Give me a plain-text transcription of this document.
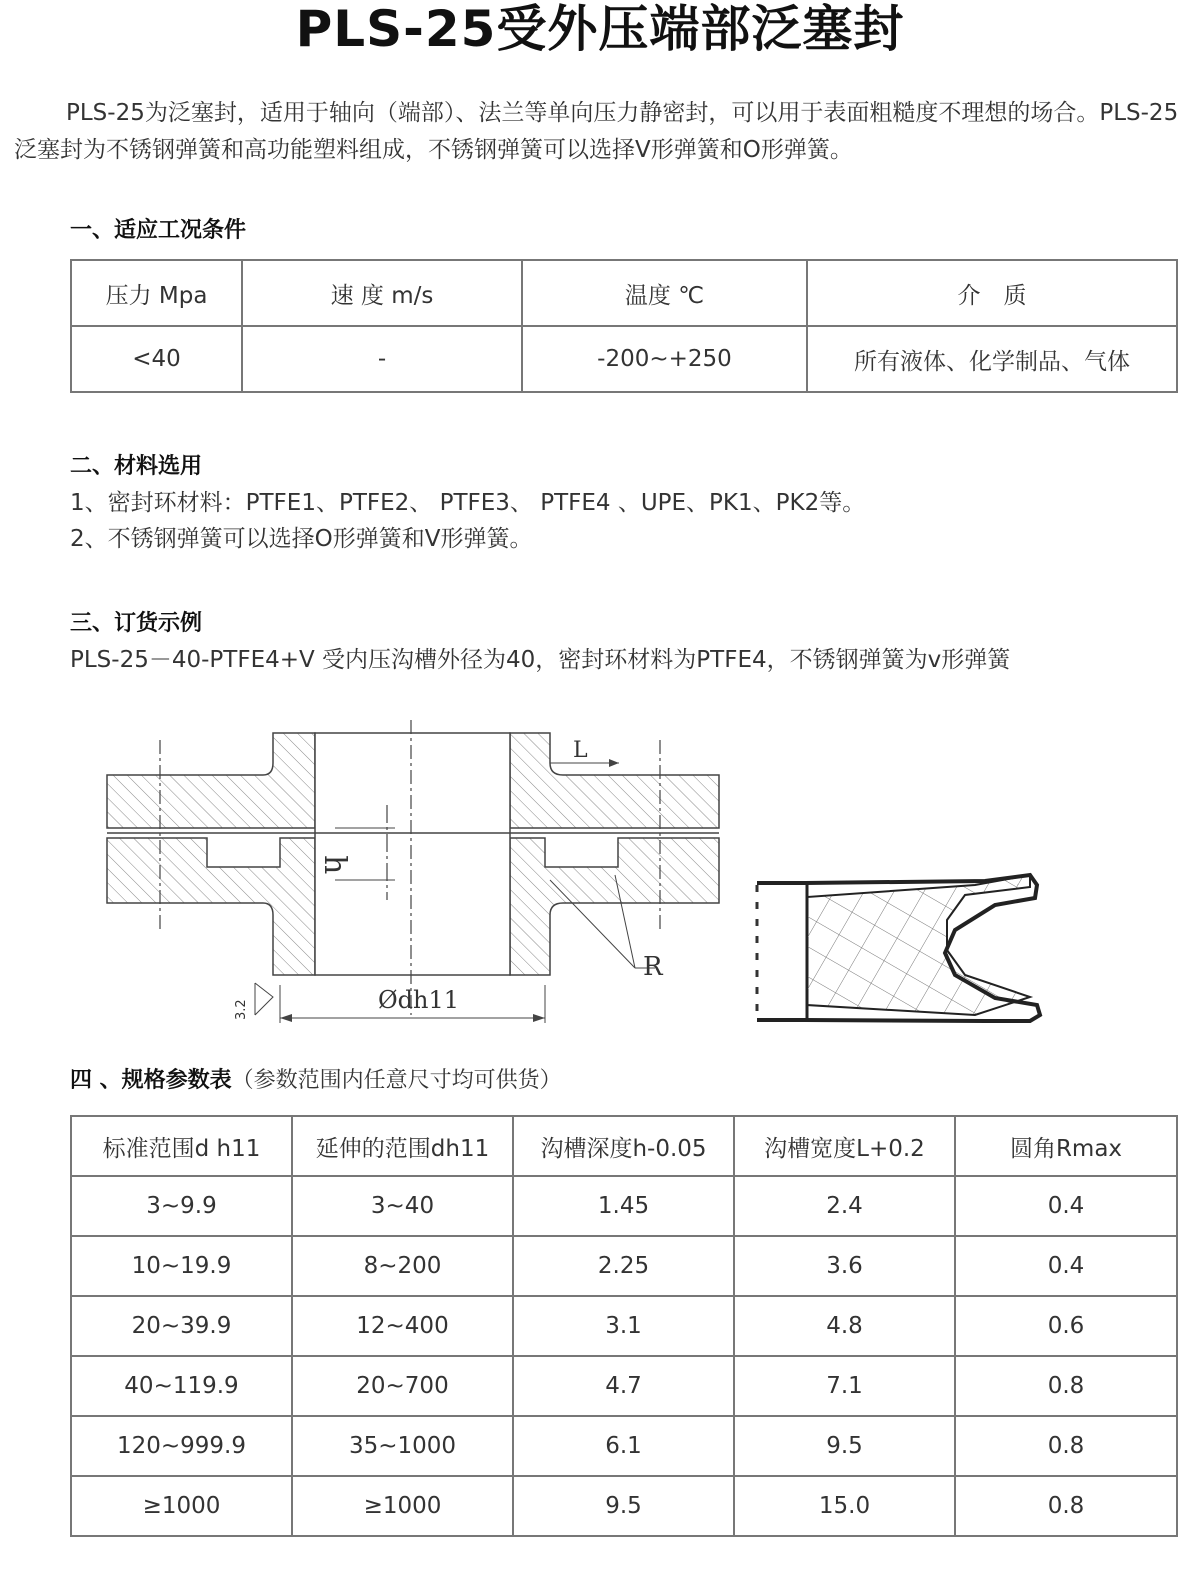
PLS-25受外压端部泛塞封

PLS-25为泛塞封，适用于轴向（端部）、法兰等单向压力静密封，可以用于表面粗糙度不理想的场合。PLS-25泛塞封为不锈钢弹簧和高功能塑料组成，不锈钢弹簧可以选择V形弹簧和O形弹簧。

一、适应工况条件
压力 Mpa	速 度 m/s	温度 ℃	介　质
<40	-	-200~+250	所有液体、化学制品、气体
二、材料选用
1、密封环材料：PTFE1、PTFE2、 PTFE3、 PTFE4 、UPE、PK1、PK2等。
2、不锈钢弹簧可以选择O形弹簧和V形弹簧。
三、订货示例
PLS-25－40-PTFE4+V 受内压沟槽外径为40，密封环材料为PTFE4，不锈钢弹簧为v形弹簧
L
h
R
Ødh11
3.2
四 、规格参数表（参数范围内任意尺寸均可供货）
标准范围d h11	延伸的范围dh11	沟槽深度h-0.05	沟槽宽度L+0.2	圆角Rmax
3~9.9	3~40	1.45	2.4	0.4
10~19.9	8~200	2.25	3.6	0.4
20~39.9	12~400	3.1	4.8	0.6
40~119.9	20~700	4.7	7.1	0.8
120~999.9	35~1000	6.1	9.5	0.8
≥1000	≥1000	9.5	15.0	0.8
